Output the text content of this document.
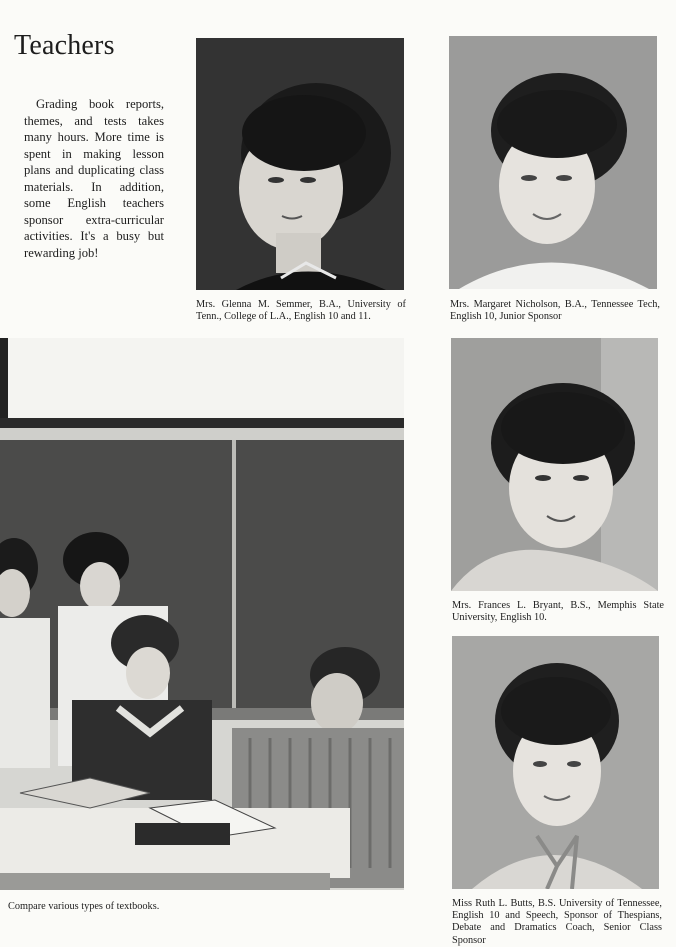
Teachers

Grading book reports, themes, and tests takes many hours. More time is spent in making lesson plans and duplicating class materials. In addition, some English teachers sponsor extra-curricular activities. It's a busy but rewarding job!

Mrs. Glenna M. Semmer, B.A., University of Tenn., College of L.A., English 10 and 11.

Mrs. Margaret Nicholson, B.A., Tennessee Tech, English 10, Junior Sponsor

Compare various types of textbooks.

Mrs. Frances L. Bryant, B.S., Memphis State University, English 10.

Miss Ruth L. Butts, B.S. University of Tennessee, English 10 and Speech, Sponsor of Thespians, Debate and Dramatics Coach, Senior Class Sponsor
